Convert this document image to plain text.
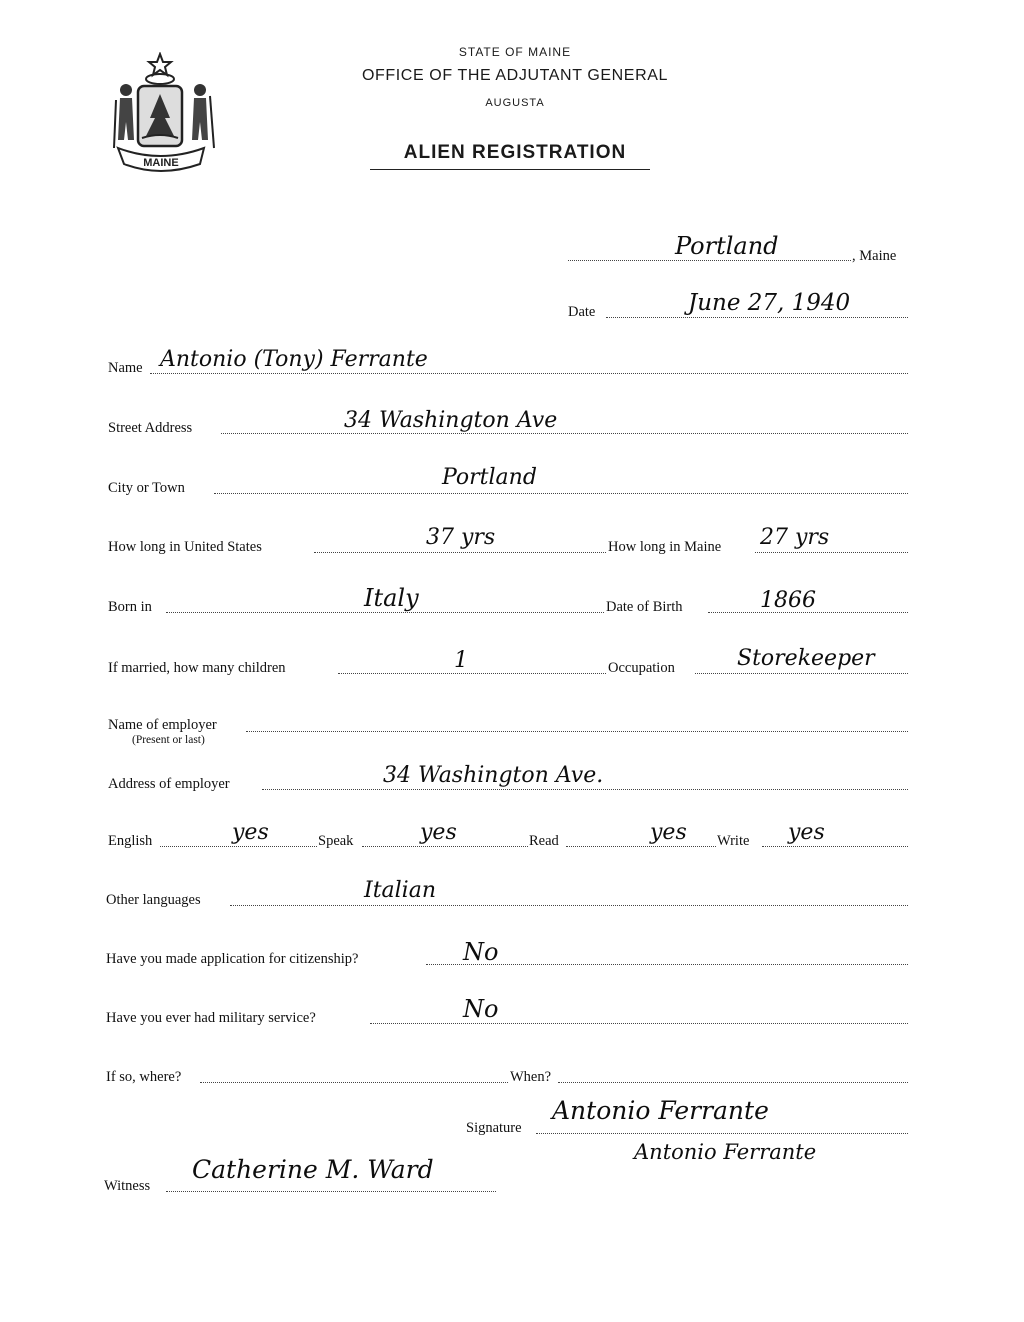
MAINE
STATE OF MAINE
OFFICE OF THE ADJUTANT GENERAL
AUGUSTA
ALIEN REGISTRATION
Portland	, Maine
Date	June 27, 1940
Name Antonio (Tony) Ferrante
Street Address	34 Washington Ave
City or Town	Portland
How long in United States	37 yrs	How long in Maine 27 yrs
Born in	Italy	Date of Birth	1866
If married, how many children	1	Occupation	Storekeeper
Name of employer
(Present or last)
Address of employer	34 Washington Ave.
English	yes	Speak	yes	Read	yes Write yes
Other languages	Italian
Have you made application for citizenship?	No
Have you ever had military service?	No
If so, where?	When?
Signature
Antonio Ferrante
Antonio Ferrante
Witness
Catherine M. Ward
